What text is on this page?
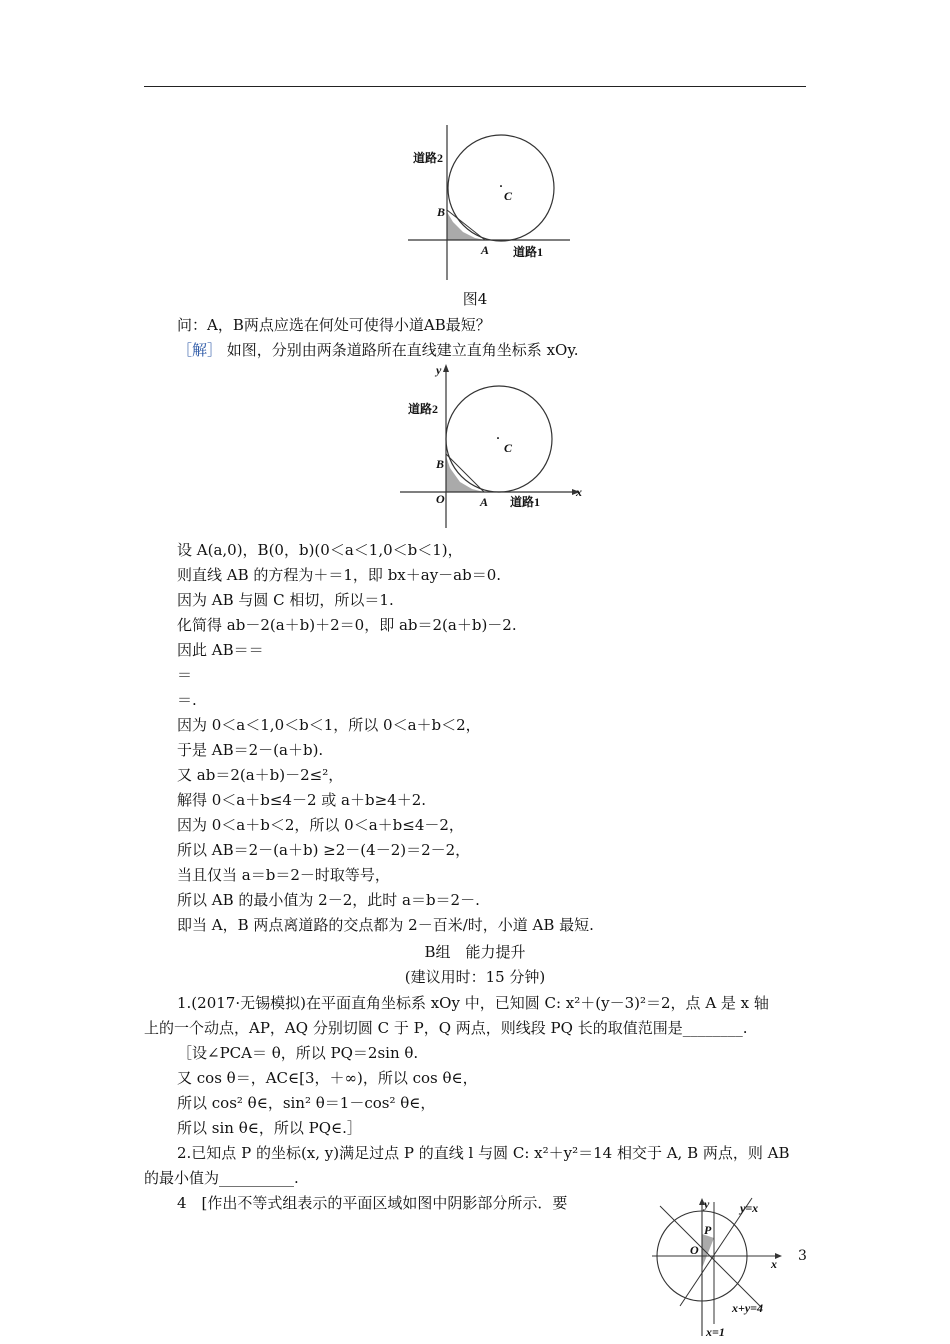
道路2
B
A 道路1
·
C
图4
问：A，B两点应选在何处可使得小道AB最短？
［解］ 如图，分别由两条道路所在直线建立直角坐标系 xOy.
y
x
道路2
B
O	A 道路1
·
C
设 A(a,0)，B(0，b)(0＜a＜1,0＜b＜1)，
则直线 AB 的方程为＋＝1，即 bx＋ay－ab＝0.
因为 AB 与圆 C 相切，所以＝1.
化简得 ab－2(a＋b)＋2＝0，即 ab＝2(a＋b)－2.
因此 AB＝＝
＝
＝.
因为 0＜a＜1,0＜b＜1，所以 0＜a＋b＜2，
于是 AB＝2－(a＋b).
又 ab＝2(a＋b)－2≤²，
解得 0＜a＋b≤4－2 或 a＋b≥4＋2.
因为 0＜a＋b＜2，所以 0＜a＋b≤4－2，
所以 AB＝2－(a＋b) ≥2－(4－2)＝2－2，
当且仅当 a＝b＝2－时取等号，
所以 AB 的最小值为 2－2，此时 a＝b＝2－.
即当 A，B 两点离道路的交点都为 2－百米/时，小道 AB 最短.
B组　能力提升
(建议用时：15 分钟)
1.(2017·无锡模拟)在平面直角坐标系 xOy 中，已知圆 C: x²＋(y－3)²＝2，点 A 是 x 轴
上的一个动点，AP，AQ 分别切圆 C 于 P，Q 两点，则线段 PQ 长的取值范围是________.
［设∠PCA＝ θ，所以 PQ＝2sin θ.
又 cos θ＝，AC∈[3，＋∞)，所以 cos θ∈，
所以 cos² θ∈，sin² θ＝1－cos² θ∈，
所以 sin θ∈，所以 PQ∈.］
2.已知点 P 的坐标(x, y)满足过点 P 的直线 l 与圆 C: x²＋y²＝14 相交于 A, B 两点，则 AB
的最小值为__________.
4　[作出不等式组表示的平面区域如图中阴影部分所示．要	y
x
O
P
y=x
x+y=4
x=1
3
